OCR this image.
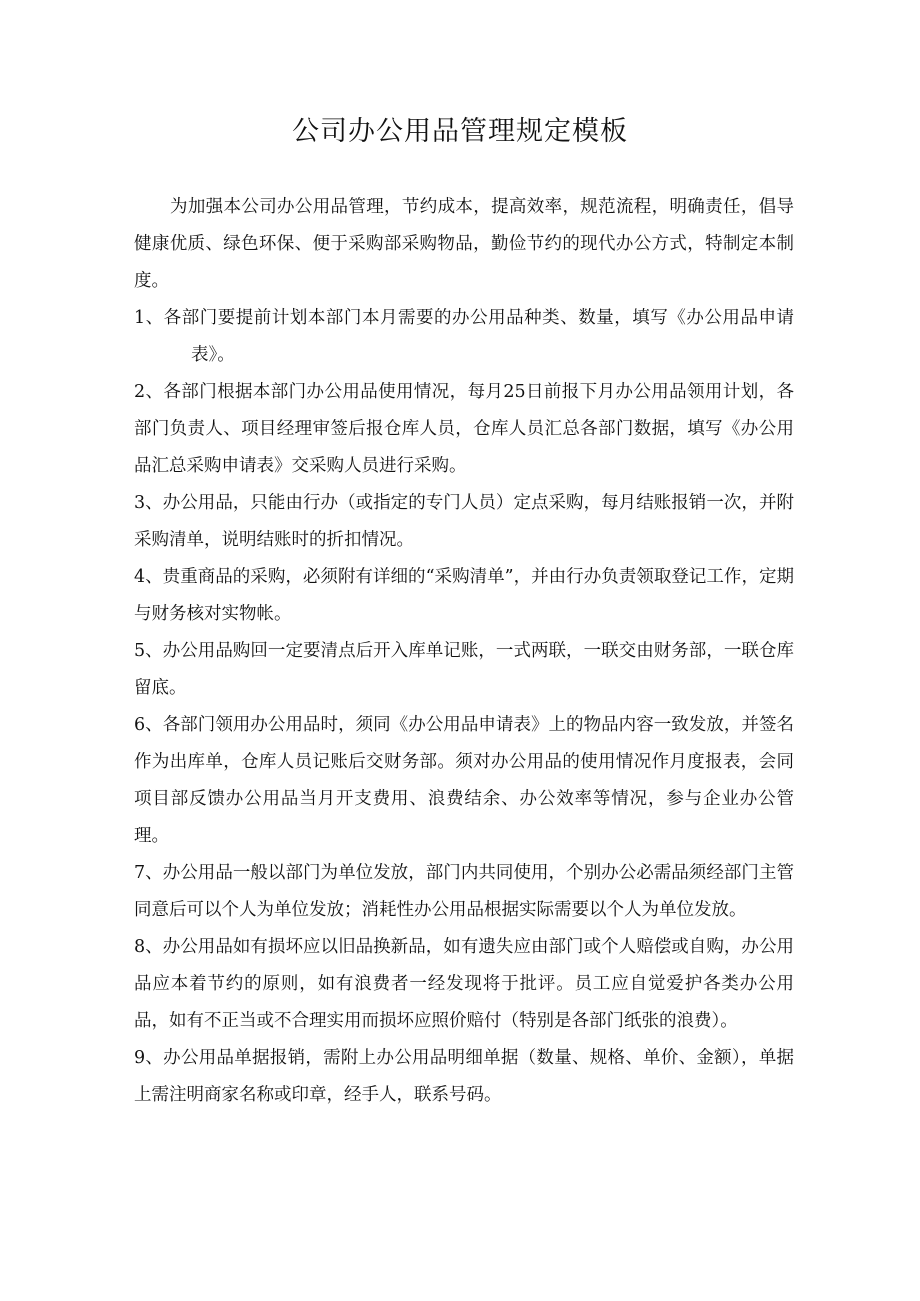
公司办公用品管理规定模板

为加强本公司办公用品管理，节约成本，提高效率，规范流程，明确责任，倡导健康优质、绿色环保、便于采购部采购物品，勤俭节约的现代办公方式，特制定本制度。

1、各部门要提前计划本部门本月需要的办公用品种类、数量，填写《办公用品申请表》。

2、各部门根据本部门办公用品使用情况，每月25日前报下月办公用品领用计划，各部门负责人、项目经理审签后报仓库人员，仓库人员汇总各部门数据，填写《办公用品汇总采购申请表》交采购人员进行采购。

3、办公用品，只能由行办（或指定的专门人员）定点采购，每月结账报销一次，并附采购清单，说明结账时的折扣情况。

4、贵重商品的采购，必须附有详细的“采购清单”，并由行办负责领取登记工作，定期与财务核对实物帐。

5、办公用品购回一定要清点后开入库单记账，一式两联，一联交由财务部，一联仓库留底。

6、各部门领用办公用品时，须同《办公用品申请表》上的物品内容一致发放，并签名作为出库单，仓库人员记账后交财务部。须对办公用品的使用情况作月度报表，会同项目部反馈办公用品当月开支费用、浪费结余、办公效率等情况，参与企业办公管理。

7、办公用品一般以部门为单位发放，部门内共同使用，个别办公必需品须经部门主管同意后可以个人为单位发放；消耗性办公用品根据实际需要以个人为单位发放。

8、办公用品如有损坏应以旧品换新品，如有遗失应由部门或个人赔偿或自购，办公用品应本着节约的原则，如有浪费者一经发现将于批评。员工应自觉爱护各类办公用品，如有不正当或不合理实用而损坏应照价赔付（特别是各部门纸张的浪费）。

9、办公用品单据报销，需附上办公用品明细单据（数量、规格、单价、金额），单据上需注明商家名称或印章，经手人，联系号码。
